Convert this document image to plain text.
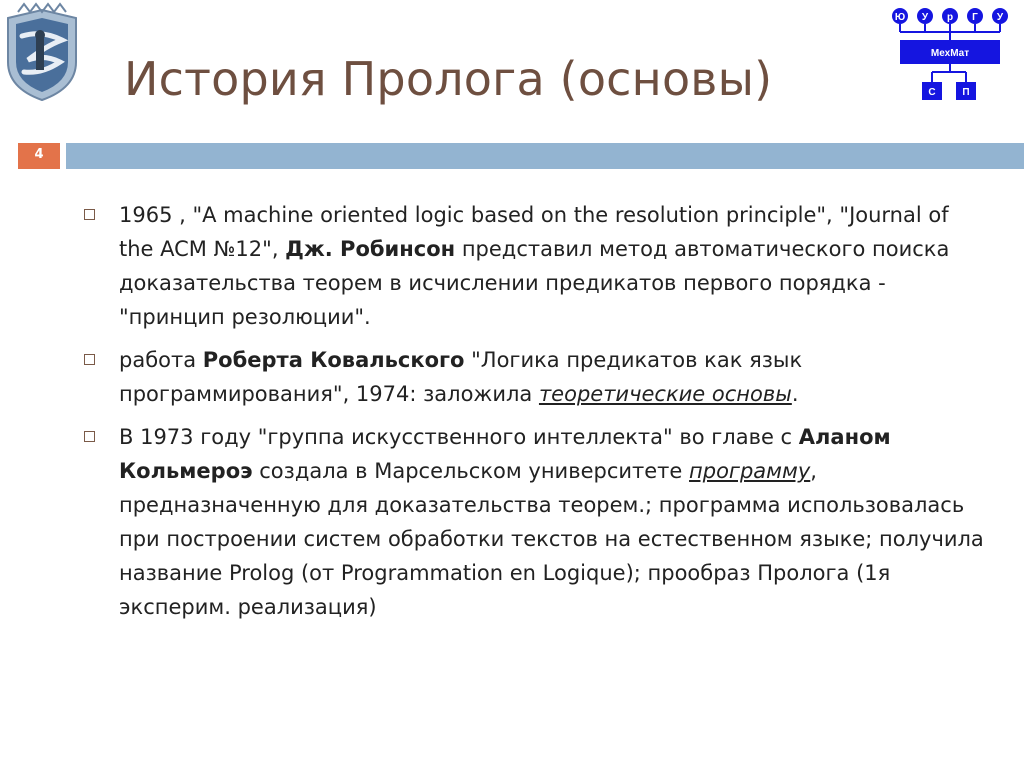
История Пролога (основы)
Ю У р Г У
МехМат
С	П
4
1965 , "A machine oriented logic based on the resolution principle", "Journal of the ACM №12", Дж. Робинсон представил метод автоматического поиска доказательства теорем в исчислении предикатов первого порядка - "принцип резолюции".
работа Роберта Ковальского "Логика предикатов как язык программирования", 1974: заложила теоретические основы.
В 1973 году "группа искусственного интеллекта" во главе с Аланом Кольмероэ создала в Марсельском университете программу, предназначенную для доказательства теорем.; программа использовалась при построении систем обработки текстов на естественном языке; получила название Prolog (от Programmation en Logique); прообраз Пролога (1я эксперим. реализация)
